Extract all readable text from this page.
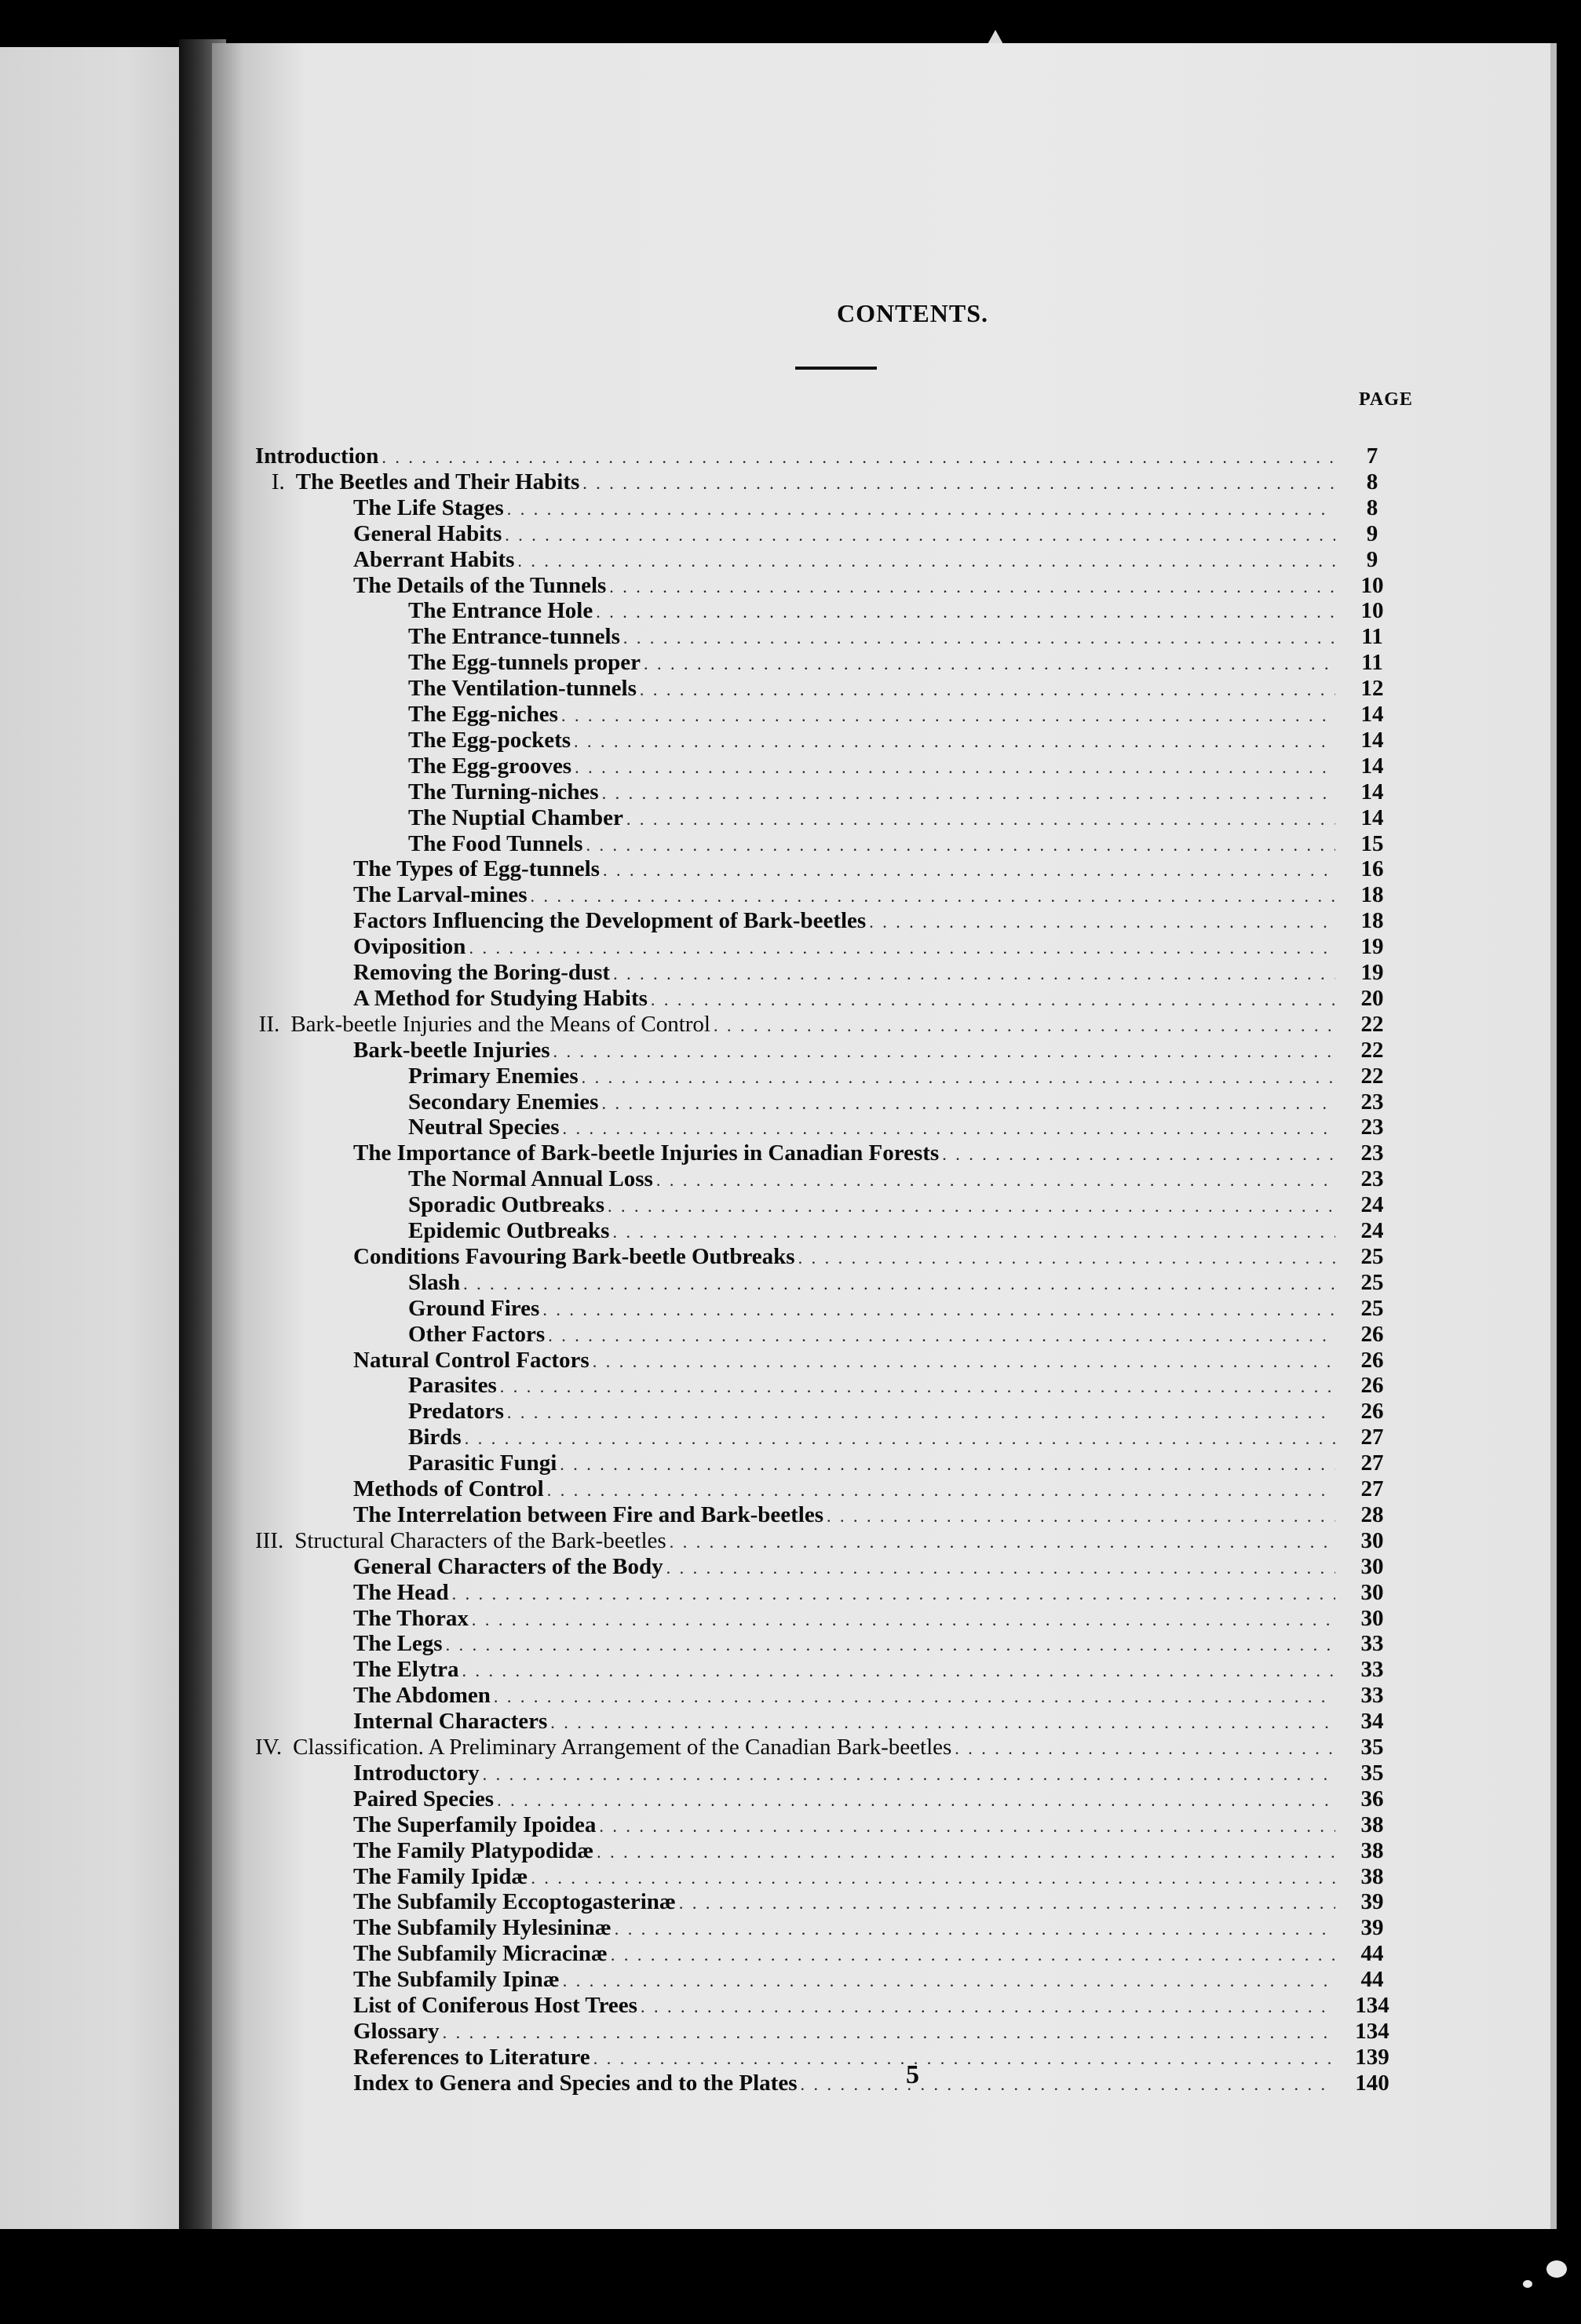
CONTENTS.
PAGE
Introduction . . .	7
I. The Beetles and Their Habits . . .	8
The Life Stages . . .	8
General Habits . . .	9
Aberrant Habits . . .	9
The Details of the Tunnels . . .	10
The Entrance Hole . . .	10
The Entrance-tunnels . . .	11
The Egg-tunnels proper . . .	11
The Ventilation-tunnels . . .	12
The Egg-niches . . .	14
The Egg-pockets . . .	14
The Egg-grooves . . .	14
The Turning-niches . . .	14
The Nuptial Chamber . . .	14
The Food Tunnels . . .	15
The Types of Egg-tunnels . . .	16
The Larval-mines . . .	18
Factors Influencing the Development of Bark-beetles . . .	18
Oviposition . . .	19
Removing the Boring-dust . . .	19
A Method for Studying Habits . . .	20
II. Bark-beetle Injuries and the Means of Control . . .	22
Bark-beetle Injuries . . .	22
Primary Enemies . . .	22
Secondary Enemies . . .	23
Neutral Species . . .	23
The Importance of Bark-beetle Injuries in Canadian Forests . . .	23
The Normal Annual Loss . . .	23
Sporadic Outbreaks . . .	24
Epidemic Outbreaks . . .	24
Conditions Favouring Bark-beetle Outbreaks . . .	25
Slash . . .	25
Ground Fires . . .	25
Other Factors . . .	26
Natural Control Factors . . .	26
Parasites . . .	26
Predators . . .	26
Birds . . .	27
Parasitic Fungi . . .	27
Methods of Control . . .	27
The Interrelation between Fire and Bark-beetles . . .	28
III. Structural Characters of the Bark-beetles . . .	30
General Characters of the Body . . .	30
The Head . . .	30
The Thorax . . .	30
The Legs . . .	33
The Elytra . . .	33
The Abdomen . . .	33
Internal Characters . . .	34
IV. Classification. A Preliminary Arrangement of the Canadian Bark-beetles . . .	35
Introductory . . .	35
Paired Species . . .	36
The Superfamily Ipoidea . . .	38
The Family Platypodidæ . . .	38
The Family Ipidæ . . .	38
The Subfamily Eccoptogasterinæ . . .	39
The Subfamily Hylesininæ . . .	39
The Subfamily Micracinæ . . .	44
The Subfamily Ipinæ . . .	44
List of Coniferous Host Trees . . .	134
Glossary . . .	134
References to Literature . . .	139
Index to Genera and Species and to the Plates . . .	140
5
